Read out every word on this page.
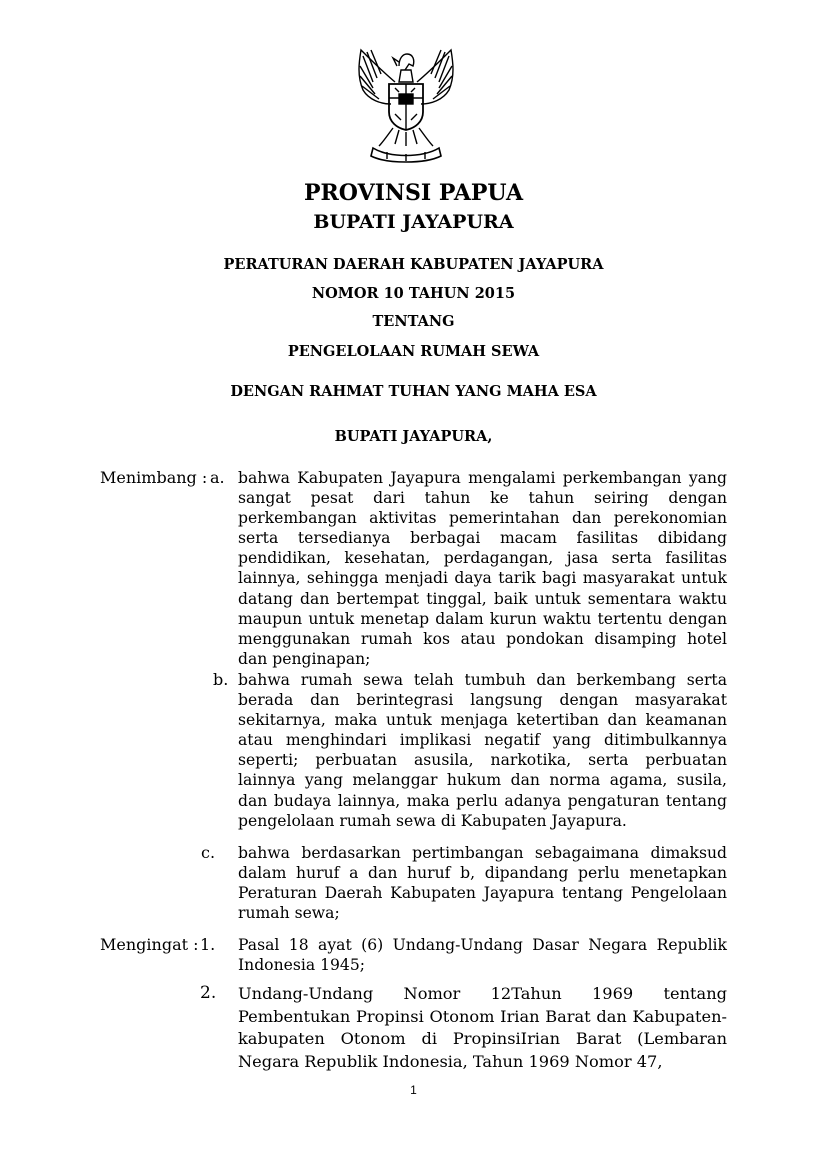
PROVINSI PAPUA
BUPATI JAYAPURA
PERATURAN DAERAH KABUPATEN JAYAPURA
NOMOR 10 TAHUN 2015
TENTANG
PENGELOLAAN RUMAH SEWA
DENGAN RAHMAT TUHAN YANG MAHA ESA
BUPATI JAYAPURA,
Menimbang : a. bahwa Kabupaten Jayapura mengalami perkembangan yang sangat pesat dari tahun ke tahun seiring dengan perkembangan aktivitas pemerintahan dan perekonomian serta tersedianya berbagai macam fasilitas dibidang pendidikan, kesehatan, perdagangan, jasa serta fasilitas lainnya, sehingga menjadi daya tarik bagi masyarakat untuk datang dan bertempat tinggal, baik untuk sementara waktu maupun untuk menetap dalam kurun waktu tertentu dengan menggunakan rumah kos atau pondokan disamping hotel dan penginapan;
b. bahwa rumah sewa telah tumbuh dan berkembang serta berada dan berintegrasi langsung dengan masyarakat sekitarnya, maka untuk menjaga ketertiban dan keamanan atau menghindari implikasi negatif yang ditimbulkannya seperti; perbuatan asusila, narkotika, serta perbuatan lainnya yang melanggar hukum dan norma agama, susila, dan budaya lainnya, maka perlu adanya pengaturan tentang pengelolaan rumah sewa di Kabupaten Jayapura.
c. bahwa berdasarkan pertimbangan sebagaimana dimaksud dalam huruf a dan huruf b, dipandang perlu menetapkan Peraturan Daerah Kabupaten Jayapura tentang Pengelolaan rumah sewa;
Mengingat : 1. Pasal 18 ayat (6) Undang-Undang Dasar Negara Republik Indonesia 1945;
2. Undang-Undang Nomor 12Tahun 1969 tentang Pembentukan Propinsi Otonom Irian Barat dan Kabupaten-kabupaten Otonom di PropinsiIrian Barat (Lembaran Negara Republik Indonesia, Tahun 1969 Nomor 47,
1
